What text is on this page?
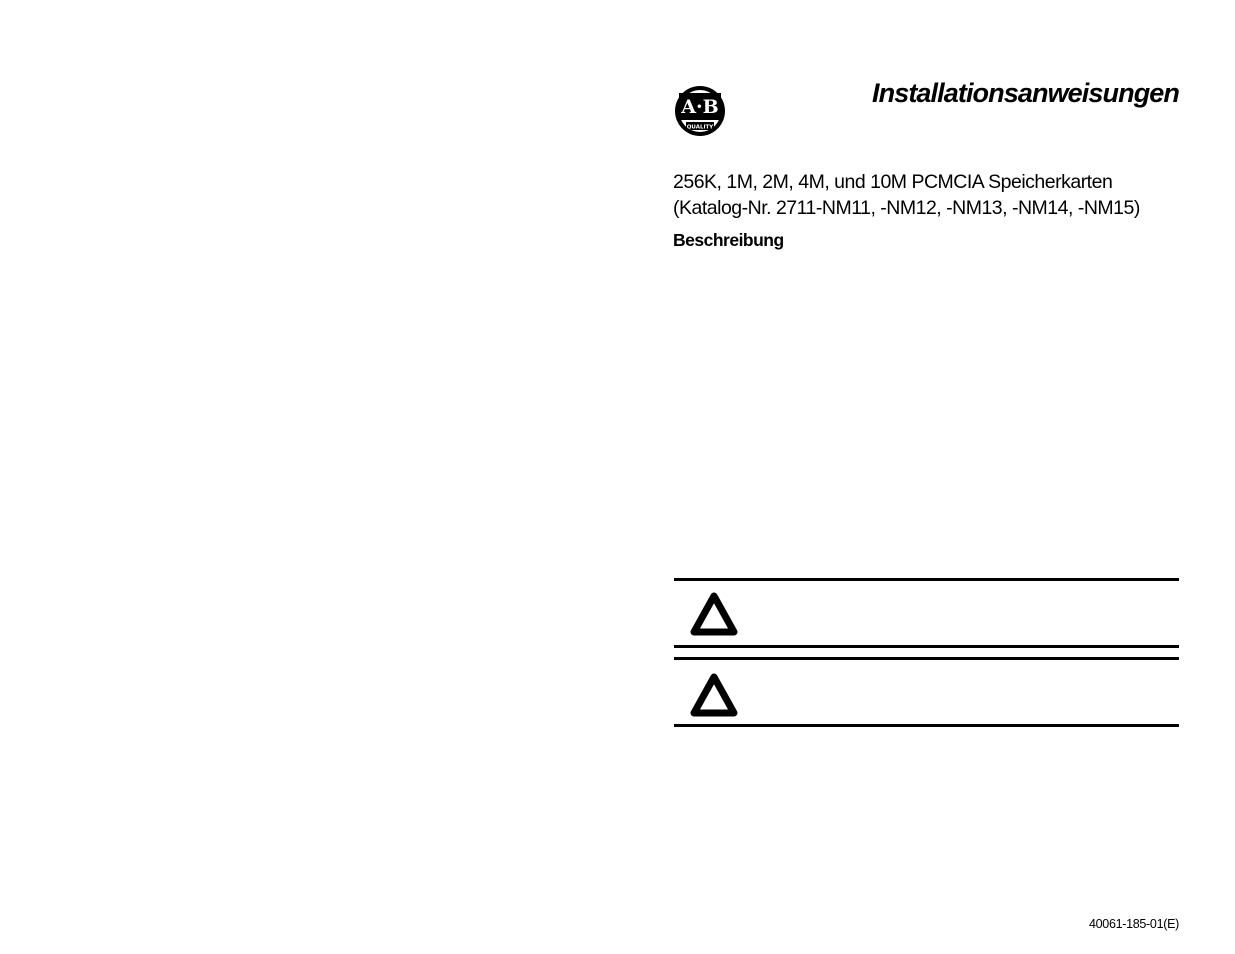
A·B
QUALITY
Installationsanweisungen
256K, 1M, 2M, 4M, und 10M PCMCIA Speicherkarten
(Katalog-Nr. 2711-NM11, -NM12, -NM13, -NM14, -NM15)
Beschreibung
40061-185-01(E)
